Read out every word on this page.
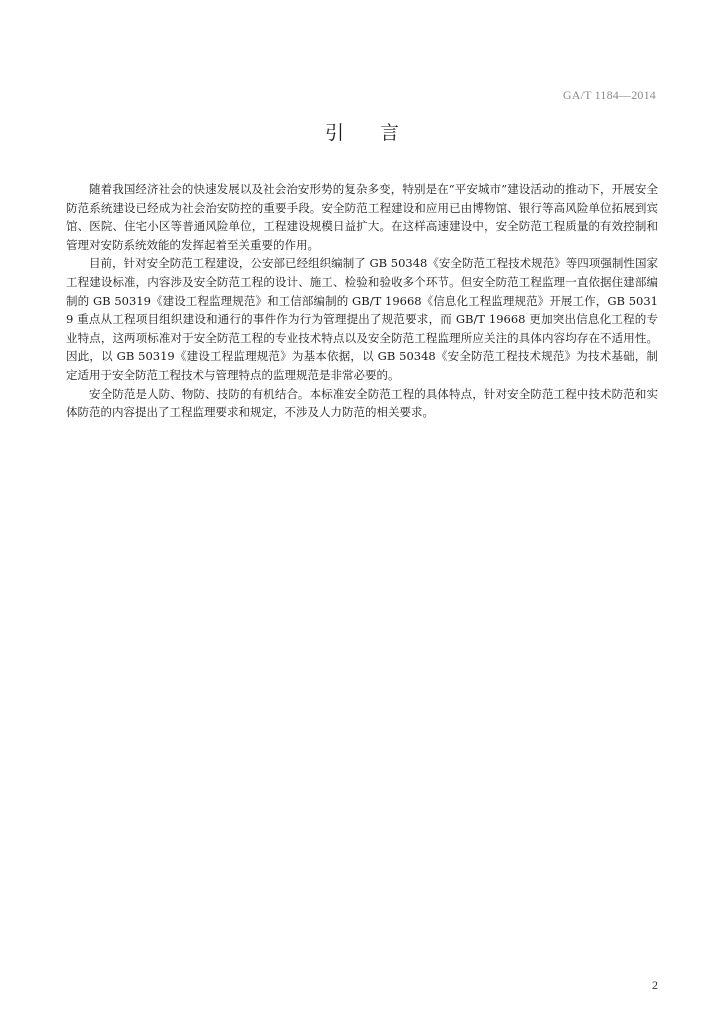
GA/T 1184—2014
引言

随着我国经济社会的快速发展以及社会治安形势的复杂多变，特别是在“平安城市”建设活动的推动下，开展安全防范系统建设已经成为社会治安防控的重要手段。安全防范工程建设和应用已由博物馆、银行等高风险单位拓展到宾馆、医院、住宅小区等普通风险单位，工程建设规模日益扩大。在这样高速建设中，安全防范工程质量的有效控制和管理对安防系统效能的发挥起着至关重要的作用。

目前，针对安全防范工程建设，公安部已经组织编制了 GB 50348《安全防范工程技术规范》等四项强制性国家工程建设标准，内容涉及安全防范工程的设计、施工、检验和验收多个环节。但安全防范工程监理一直依据住建部编制的 GB 50319《建设工程监理规范》和工信部编制的 GB/T 19668《信息化工程监理规范》开展工作，GB 50319 重点从工程项目组织建设和通行的事件作为行为管理提出了规范要求，而 GB/T 19668 更加突出信息化工程的专业特点，这两项标准对于安全防范工程的专业技术特点以及安全防范工程监理所应关注的具体内容均存在不适用性。因此，以 GB 50319《建设工程监理规范》为基本依据，以 GB 50348《安全防范工程技术规范》为技术基础，制定适用于安全防范工程技术与管理特点的监理规范是非常必要的。

安全防范是人防、物防、技防的有机结合。本标准安全防范工程的具体特点，针对安全防范工程中技术防范和实体防范的内容提出了工程监理要求和规定，不涉及人力防范的相关要求。

2
